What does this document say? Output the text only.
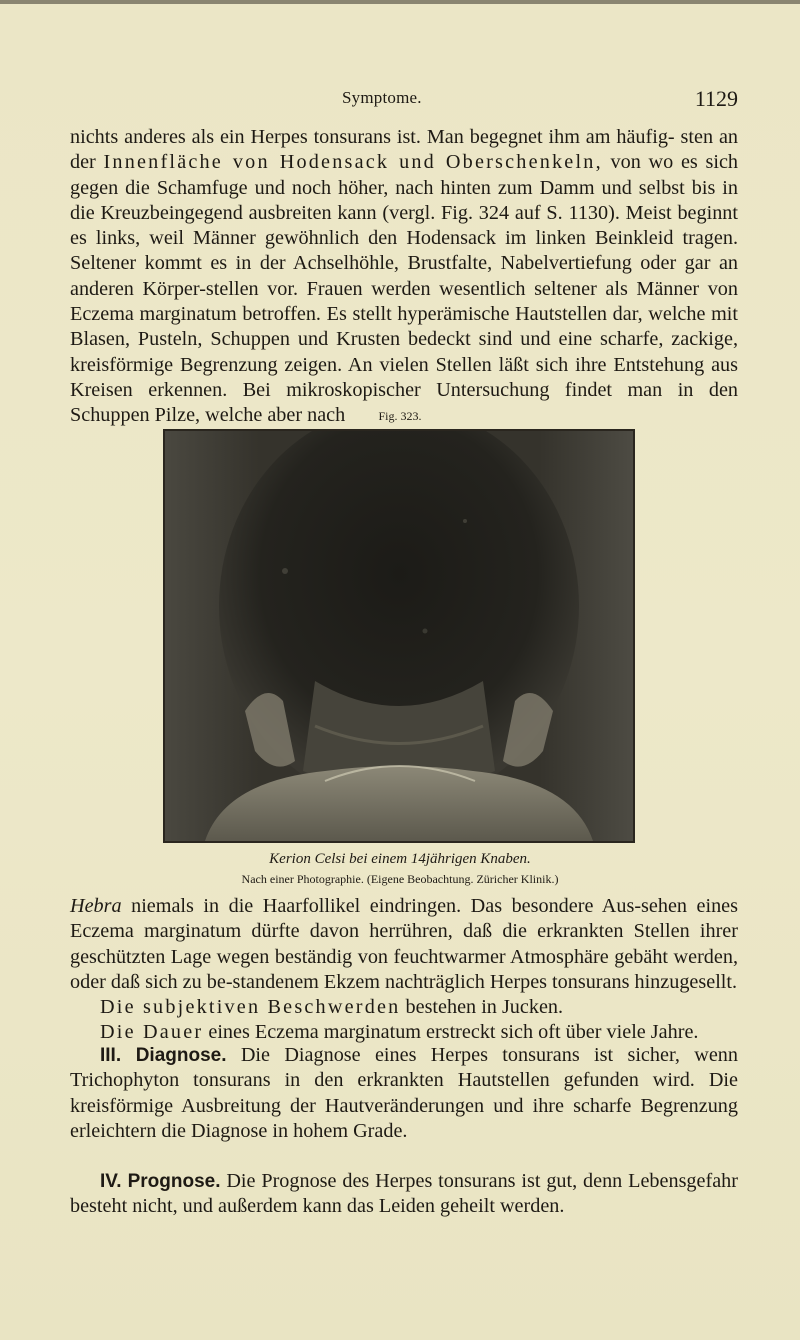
Symptome.	1129

nichts anderes als ein Herpes tonsurans ist. Man begegnet ihm am häufig- sten an der Innenfläche von Hodensack und Oberschenkeln, von wo es sich gegen die Schamfuge und noch höher, nach hinten zum Damm und selbst bis in die Kreuzbeingegend ausbreiten kann (vergl. Fig. 324 auf S. 1130). Meist beginnt es links, weil Männer gewöhnlich den Hodensack im linken Beinkleid tragen. Seltener kommt es in der Achselhöhle, Brustfalte, Nabelvertiefung oder gar an anderen Körper-stellen vor. Frauen werden wesentlich seltener als Männer von Eczema marginatum betroffen. Es stellt hyperämische Hautstellen dar, welche mit Blasen, Pusteln, Schuppen und Krusten bedeckt sind und eine scharfe, zackige, kreisförmige Begrenzung zeigen. An vielen Stellen läßt sich ihre Entstehung aus Kreisen erkennen. Bei mikroskopischer Untersuchung findet man in den Schuppen Pilze, welche aber nach	Fig. 323.
Kerion Celsi bei einem 14jährigen Knaben.
Nach einer Photographie. (Eigene Beobachtung. Züricher Klinik.)

Hebra niemals in die Haarfollikel eindringen. Das besondere Aus-sehen eines Eczema marginatum dürfte davon herrühren, daß die erkrankten Stellen ihrer geschützten Lage wegen beständig von feuchtwarmer Atmosphäre gebäht werden, oder daß sich zu be-standenem Ekzem nachträglich Herpes tonsurans hinzugesellt.

Die subjektiven Beschwerden bestehen in Jucken.

Die Dauer eines Eczema marginatum erstreckt sich oft über viele Jahre.

III. Diagnose. Die Diagnose eines Herpes tonsurans ist sicher, wenn Trichophyton tonsurans in den erkrankten Hautstellen gefunden wird. Die kreisförmige Ausbreitung der Hautveränderungen und ihre scharfe Begrenzung erleichtern die Diagnose in hohem Grade.

IV. Prognose. Die Prognose des Herpes tonsurans ist gut, denn Lebensgefahr besteht nicht, und außerdem kann das Leiden geheilt werden.
